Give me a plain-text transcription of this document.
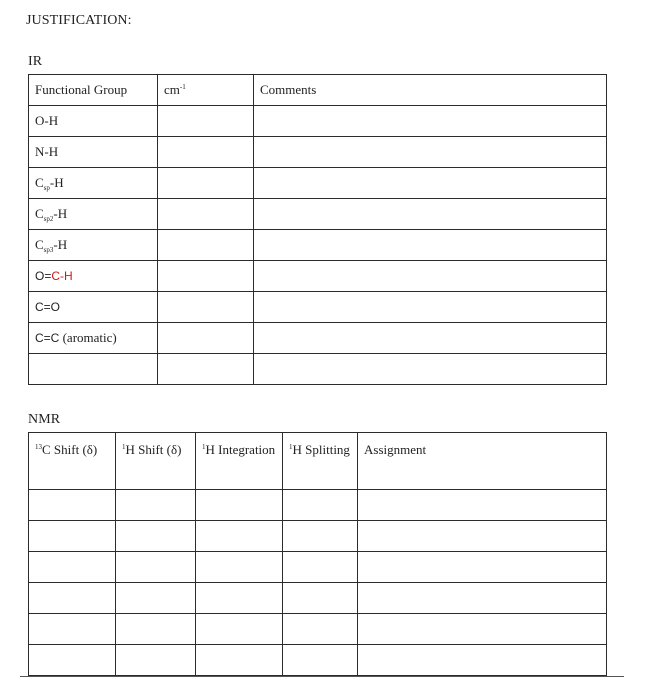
JUSTIFICATION:
IR
Functional Group	$cm^{-1}$	Comments
O-H		
N-H		
$C_{sp}-H$		
$C_{sp2}-H$		
$C_{sp3}-H$		
O=C-H		
C=O		
C=C (aromatic)		

NMR
$^{13}$C Shift (δ)	$^1$H Shift (δ)	$^1$H Integration	$^1$H Splitting	Assignment
